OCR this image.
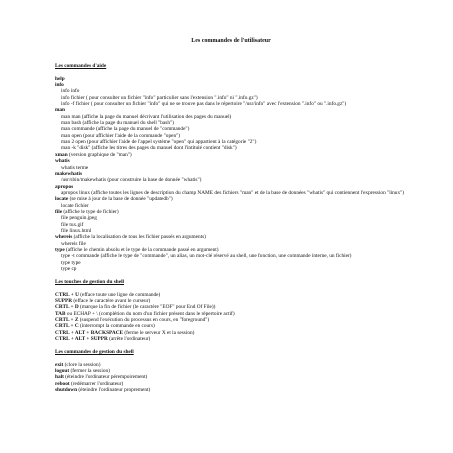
Les commandes de l'utilisateur
Les commandes d'aide
help
info
info info
info fichier ( pour consulter un fichier "info" particulier sans l'extension ".info" ni ".info.gz")
info -f fichier ( pour consulter un fichier "info" qui ne se trouve pas dans le répertoire "/usr/info" avec l'extension ".info" ou ".info.gz")
man
man man (affiche la page du manuel décrivant l'utilisation des pages du manuel)
man bash (affiche la page du manuel du shell "bash")
man commande (affiche la page du manuel de "commande")
man open (pour affichier l'aide de la commande "open")
man 2 open (pour affichier l'aide de l'appel système "open" qui appartient à la catégorie "2")
man -k "disk" (affiche les titres des pages du manuel dont l'intitulé contient "disk")
xman (version graphique de "man")
whatis
whatis terme
makewhatis
/usr/sbin/makewhatis (pour construire la base de donnée "whatis")
apropos
apropos linux (affiche toutes les lignes de description du champ NAME des fichiers "man" et de la base de données "whatis" qui contiennent l'expression "linux")
locate (se mise à jour de la base de donnée "updatedb")
locate fichier
file (affiche le type de fichier)
file penguin.jpeg
file tux.gif
file linux.html
whereis (affiche la localisation de tous les fichier passés en arguments)
whereis file
type (affiche le chemin absolu et le type de la commande passé en argument)
type -t commande (affiche le type de "commande", un alias, un mot-clé réservé au shell, une fonction, une commande interne, un fichier)
type type
type cp
Les touches de gestion du shell
CTRL + U (efface toute une ligne de commande)
SUPPR (efface le caractère avant le curseur)
CRTL + D (marque la fin de fichier (le caractère "EOF" pour End Of File))
TAB ou ECHAP + \ (complétion du nom d'un fichier présent dans le répertoire actif)
CRTL + Z (suspend l'exécution du processus en cours, en "foreground")
CRTL + C (interrompt la commande en cours)
CTRL + ALT + BACKSPACE (ferme le serveur X et la session)
CTRL + ALT + SUPPR (arrête l'ordinateur)
Les commandes de gestion du shell
exit (clore la session)
logout (fermer la session)
halt (éteindre l'ordinateur pérempoirement)
reboot (redémarrer l'ordinateur)
shutdown (éteindre l'ordinateur proprement)
